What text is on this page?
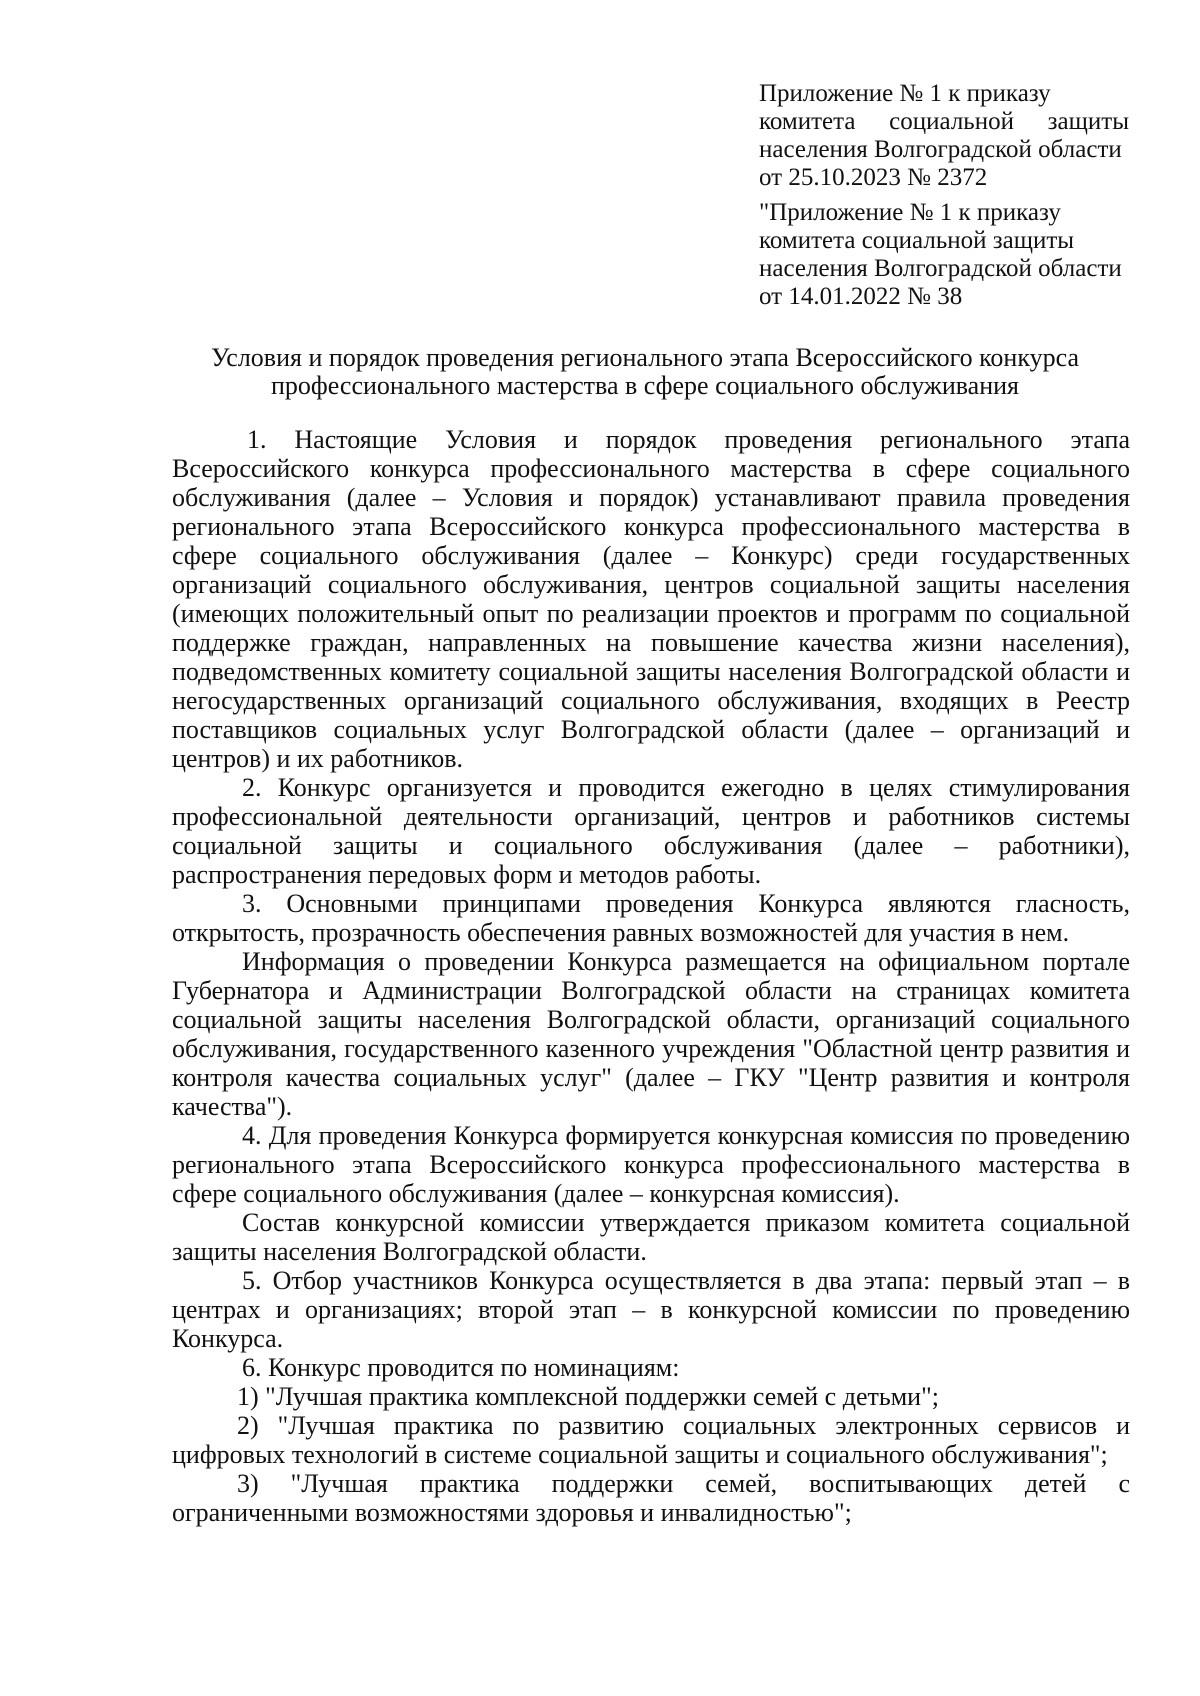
Приложение № 1 к приказу
комитета социальной защиты
населения Волгоградской области
от 25.10.2023 № 2372
"Приложение № 1 к приказу
комитета социальной защиты
населения Волгоградской области
от 14.01.2022 № 38
Условия и порядок проведения регионального этапа Всероссийского конкурса
профессионального мастерства в сфере социального обслуживания

1. Настоящие Условия и порядок проведения регионального этапа Всероссийского конкурса профессионального мастерства в сфере социального обслуживания (далее – Условия и порядок) устанавливают правила проведения регионального этапа Всероссийского конкурса профессионального мастерства в сфере социального обслуживания (далее – Конкурс) среди государственных организаций социального обслуживания, центров социальной защиты населения (имеющих положительный опыт по реализации проектов и программ по социальной поддержке граждан, направленных на повышение качества жизни населения), подведомственных комитету социальной защиты населения Волгоградской области и негосударственных организаций социального обслуживания, входящих в Реестр поставщиков социальных услуг Волгоградской области (далее – организаций и центров) и их работников.

2. Конкурс организуется и проводится ежегодно в целях стимулирования профессиональной деятельности организаций, центров и работников системы социальной защиты и социального обслуживания (далее – работники), распространения передовых форм и методов работы.

3. Основными принципами проведения Конкурса являются гласность, открытость, прозрачность обеспечения равных возможностей для участия в нем.

Информация о проведении Конкурса размещается на официальном портале Губернатора и Администрации Волгоградской области на страницах комитета социальной защиты населения Волгоградской области, организаций социального обслуживания, государственного казенного учреждения "Областной центр развития и контроля качества социальных услуг" (далее – ГКУ "Центр развития и контроля качества").

4. Для проведения Конкурса формируется конкурсная комиссия по проведению регионального этапа Всероссийского конкурса профессионального мастерства в сфере социального обслуживания (далее – конкурсная комиссия).

Состав конкурсной комиссии утверждается приказом комитета социальной защиты населения Волгоградской области.

5. Отбор участников Конкурса осуществляется в два этапа: первый этап – в центрах и организациях; второй этап – в конкурсной комиссии по проведению Конкурса.

6. Конкурс проводится по номинациям:

1) "Лучшая практика комплексной поддержки семей с детьми";

2) "Лучшая практика по развитию социальных электронных сервисов и цифровых технологий в системе социальной защиты и социального обслуживания";

3) "Лучшая практика поддержки семей, воспитывающих детей с ограниченными возможностями здоровья и инвалидностью";
